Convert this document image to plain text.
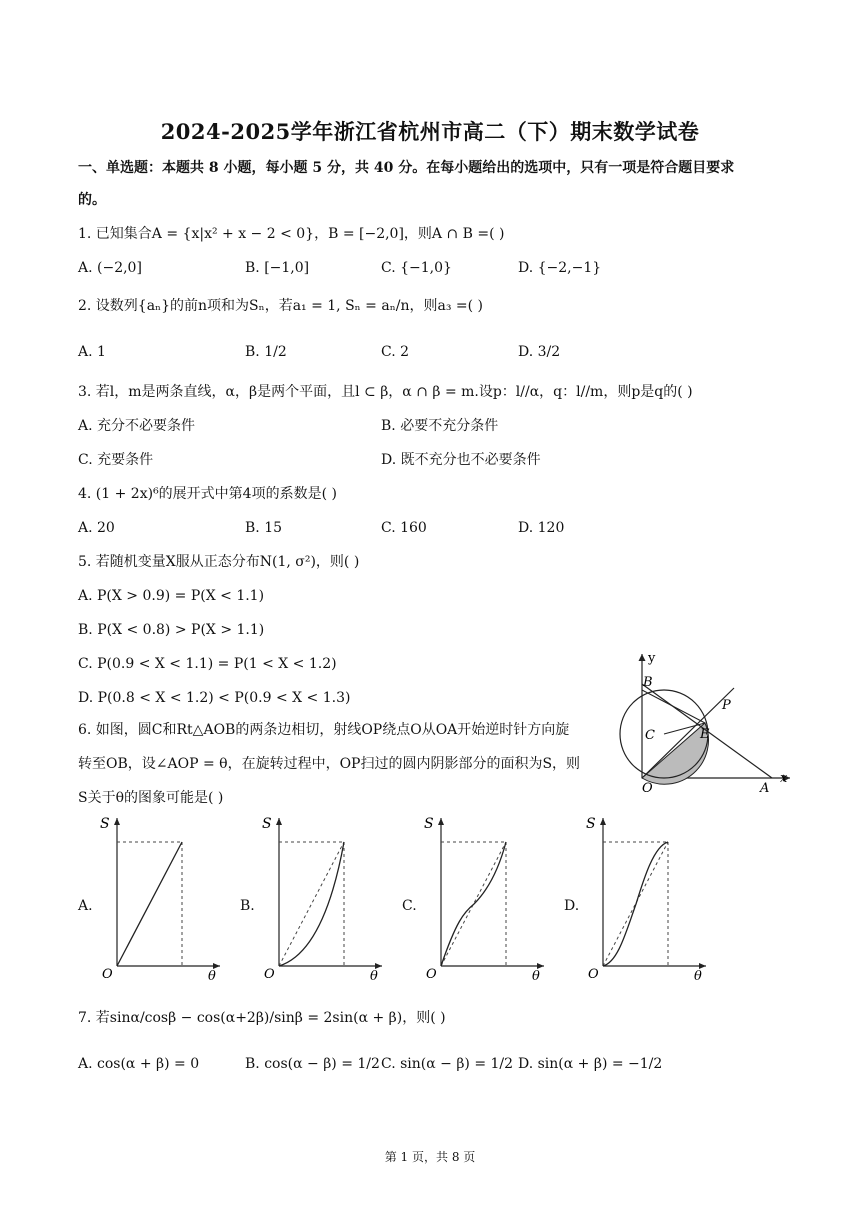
2024-2025学年浙江省杭州市高二（下）期末数学试卷
一、单选题：本题共 8 小题，每小题 5 分，共 40 分。在每小题给出的选项中，只有一项是符合题目要求
的。
1. 已知集合A = {x|x² + x − 2 < 0}，B = [−2,0]，则A ∩ B =( )
A. (−2,0]	B. [−1,0]	C. {−1,0}	D. {−2,−1}
2. 设数列{aₙ}的前n项和为Sₙ，若a₁ = 1, Sₙ = aₙ/n，则a₃ =( )
A. 1	B. 1/2	C. 2	D. 3/2
3. 若l，m是两条直线，α，β是两个平面，且l ⊂ β，α ∩ β = m.设p：l//α，q：l//m，则p是q的( )
A. 充分不必要条件	B. 必要不充分条件
C. 充要条件	D. 既不充分也不必要条件
4. (1 + 2x)⁶的展开式中第4项的系数是( )
A. 20	B. 15	C. 160	D. 120
5. 若随机变量X服从正态分布N(1, σ²)，则( )
A. P(X > 0.9) = P(X < 1.1)
B. P(X < 0.8) > P(X > 1.1)
C. P(0.9 < X < 1.1) = P(1 < X < 1.2)
D. P(0.8 < X < 1.2) < P(0.9 < X < 1.3)
6. 如图，圆C和Rt△AOB的两条边相切，射线OP绕点O从OA开始逆时针方向旋
转至OB，设∠AOP = θ，在旋转过程中，OP扫过的圆内阴影部分的面积为S，则
S关于θ的图象可能是( )
y
x
B
C	E
P
O	A
A.	B.	C.	D.
S
O	θ
S
O	θ
S
O	θ
S
O	θ
7. 若sinα/cosβ − cos(α+2β)/sinβ = 2sin(α + β)，则( )
A. cos(α + β) = 0	B. cos(α − β) = 1/2 C. sin(α − β) = 1/2 D. sin(α + β) = −1/2
第 1 页，共 8 页
